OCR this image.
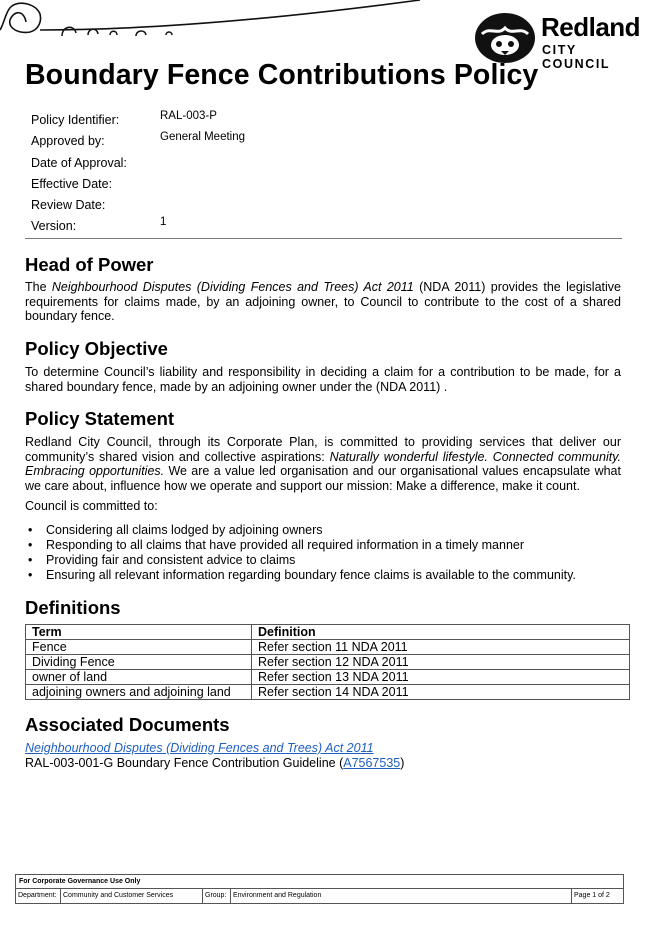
Redland
CITY COUNCIL
Boundary Fence Contributions Policy
Policy Identifier:	RAL-003-P
Approved by:	General Meeting
Date of Approval:
Effective Date:
Review Date:
Version:	1
Head of Power

The Neighbourhood Disputes (Dividing Fences and Trees) Act 2011 (NDA 2011) provides the legislative requirements for claims made, by an adjoining owner, to Council to contribute to the cost of a shared boundary fence.

Policy Objective

To determine Council’s liability and responsibility in deciding a claim for a contribution to be made, for a shared boundary fence, made by an adjoining owner under the (NDA 2011) .

Policy Statement

Redland City Council, through its Corporate Plan, is committed to providing services that deliver our community’s shared vision and collective aspirations: Naturally wonderful lifestyle. Connected community. Embracing opportunities. We are a value led organisation and our organisational values encapsulate what we care about, influence how we operate and support our mission: Make a difference, make it count.

Council is committed to:

• Considering all claims lodged by adjoining owners
• Responding to all claims that have provided all required information in a timely manner
• Providing fair and consistent advice to claims
• Ensuring all relevant information regarding boundary fence claims is available to the community.
Definitions
Term	Definition
Fence	Refer section 11 NDA 2011
Dividing Fence	Refer section 12 NDA 2011
owner of land	Refer section 13 NDA 2011
adjoining owners and adjoining land	Refer section 14 NDA 2011
Associated Documents
Neighbourhood Disputes (Dividing Fences and Trees) Act 2011
RAL-003-001-G Boundary Fence Contribution Guideline (A7567535)
For Corporate Governance Use Only
Department: Community and Customer Services	Group: Environment and Regulation	Page 1 of 2
